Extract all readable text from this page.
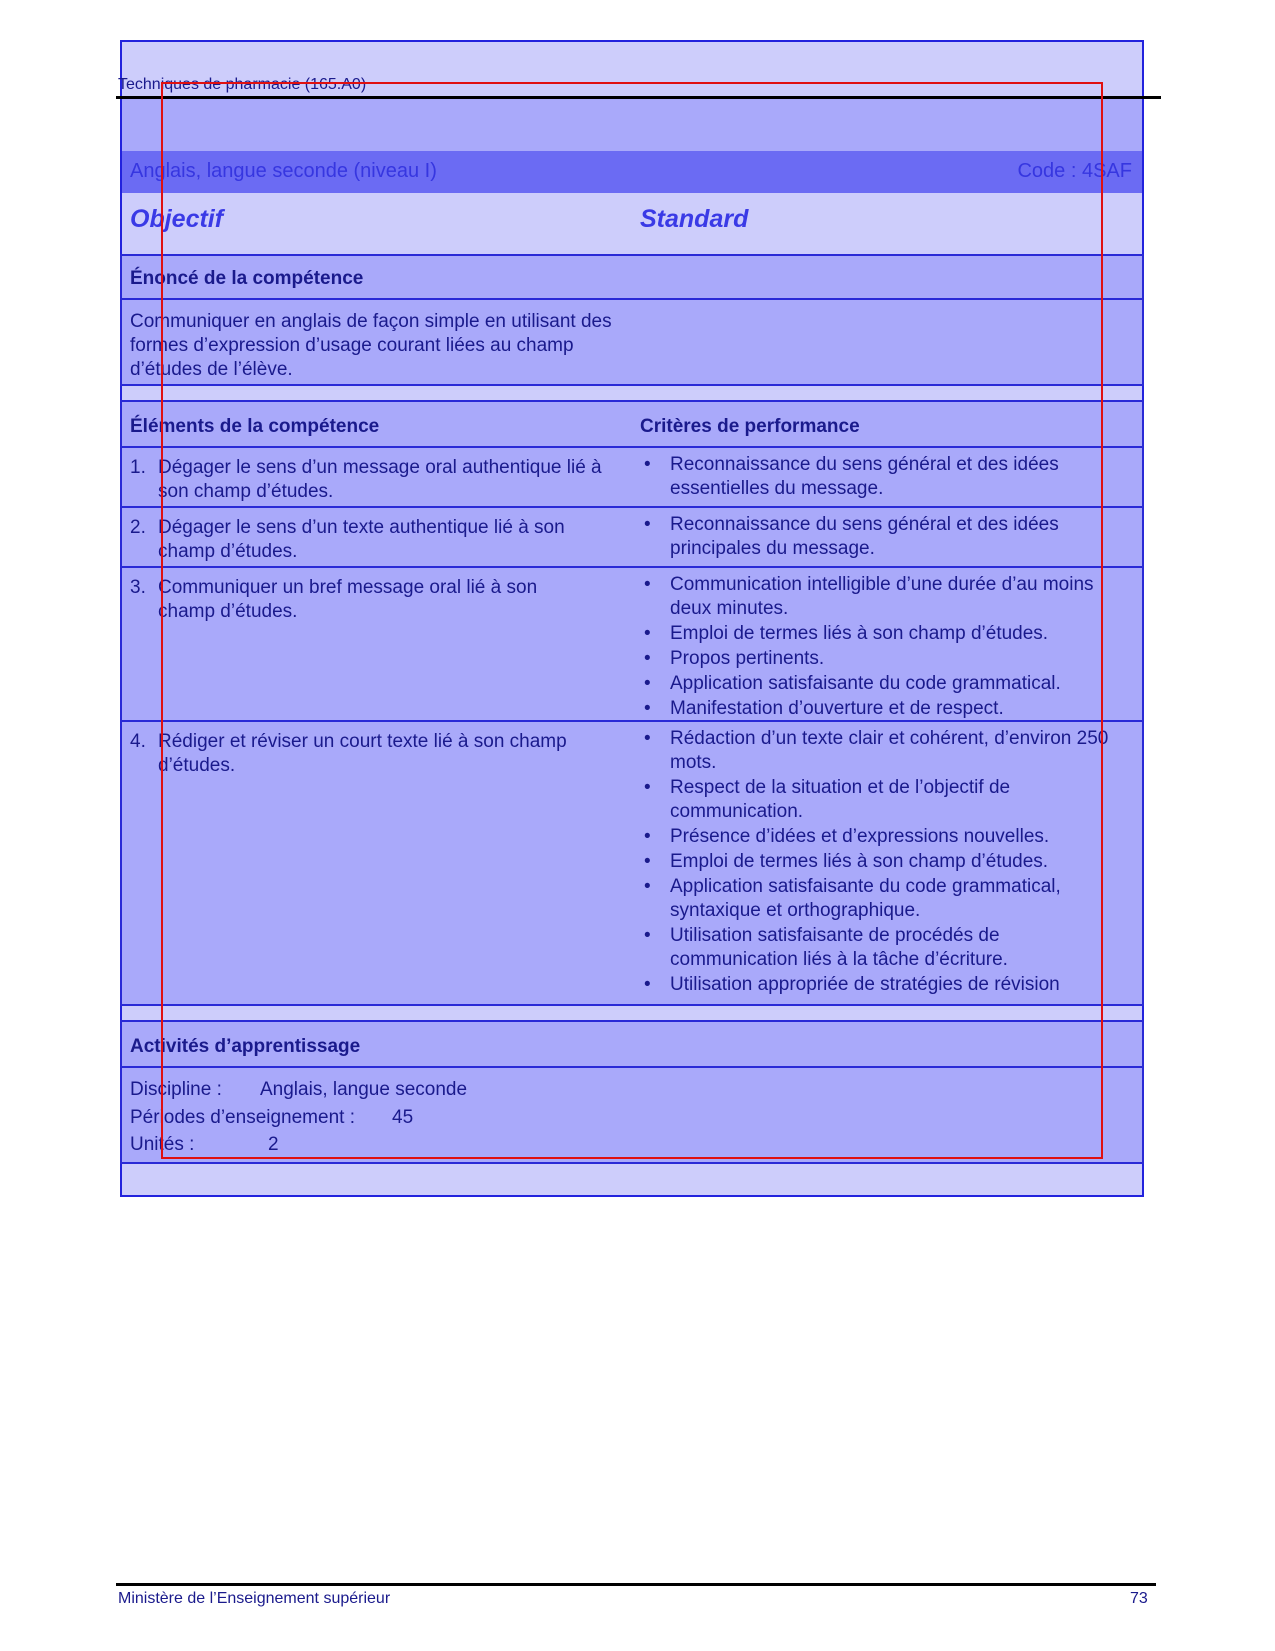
Techniques de pharmacie (165.A0)
Anglais, langue seconde (niveau I)	Code : 4SAF
Objectif	Standard
Énoncé de la compétence
Communiquer en anglais de façon simple en utilisant des formes d’expression d’usage courant liées au champ d’études de l’élève.
Éléments de la compétence	Critères de performance
1. Dégager le sens d’un message oral authentique lié à son champ d’études.
• Reconnaissance du sens général et des idées essentielles du message.
2. Dégager le sens d’un texte authentique lié à son champ d’études.
• Reconnaissance du sens général et des idées principales du message.
3. Communiquer un bref message oral lié à son champ d’études.
• Communication intelligible d’une durée d’au moins deux minutes.
• Emploi de termes liés à son champ d’études.
• Propos pertinents.
• Application satisfaisante du code grammatical.
• Manifestation d’ouverture et de respect.
4. Rédiger et réviser un court texte lié à son champ d’études.
• Rédaction d’un texte clair et cohérent, d’environ 250 mots.
• Respect de la situation et de l’objectif de communication.
• Présence d’idées et d’expressions nouvelles.
• Emploi de termes liés à son champ d’études.
• Application satisfaisante du code grammatical, syntaxique et orthographique.
• Utilisation satisfaisante de procédés de communication liés à la tâche d’écriture.
• Utilisation appropriée de stratégies de révision
Activités d’apprentissage
Discipline : Anglais, langue seconde
Périodes d’enseignement : 45
Unités :	2
Ministère de l’Enseignement supérieur	73
